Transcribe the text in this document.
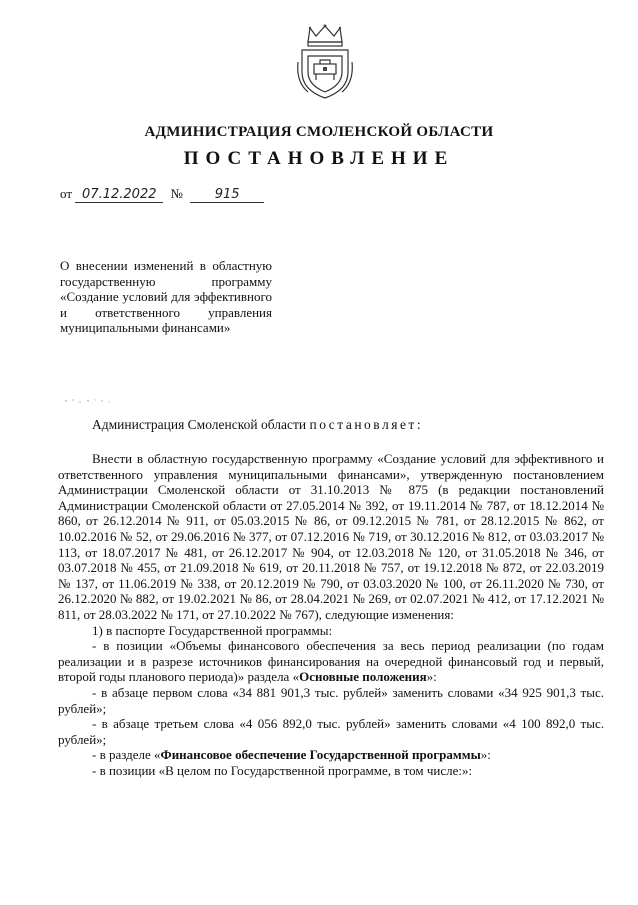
АДМИНИСТРАЦИЯ СМОЛЕНСКОЙ ОБЛАСТИ
ПОСТАНОВЛЕНИЕ
от 07.12.2022 № 915
О внесении изменений в областную государственную программу «Создание условий для эффективного и ответственного управления муниципальными финансами»
Администрация Смоленской области постановляет:

Внести в областную государственную программу «Создание условий для эффективного и ответственного управления муниципальными финансами», утвержденную постановлением Администрации Смоленской области от 31.10.2013 № 875 (в редакции постановлений Администрации Смоленской области от 27.05.2014 № 392, от 19.11.2014 № 787, от 18.12.2014 № 860, от 26.12.2014 № 911, от 05.03.2015 № 86, от 09.12.2015 № 781, от 28.12.2015 № 862, от 10.02.2016 № 52, от 29.06.2016 № 377, от 07.12.2016 № 719, от 30.12.2016 № 812, от 03.03.2017 № 113, от 18.07.2017 № 481, от 26.12.2017 № 904, от 12.03.2018 № 120, от 31.05.2018 № 346, от 03.07.2018 № 455, от 21.09.2018 № 619, от 20.11.2018 № 757, от 19.12.2018 № 872, от 22.03.2019 № 137, от 11.06.2019 № 338, от 20.12.2019 № 790, от 03.03.2020 № 100, от 26.11.2020 № 730, от 26.12.2020 № 882, от 19.02.2021 № 86, от 28.04.2021 № 269, от 02.07.2021 № 412, от 17.12.2021 № 811, от 28.03.2022 № 171, от 27.10.2022 № 767), следующие изменения:

1) в паспорте Государственной программы:

- в позиции «Объемы финансового обеспечения за весь период реализации (по годам реализации и в разрезе источников финансирования на очередной финансовый год и первый, второй годы планового периода)» раздела «Основные положения»:

- в абзаце первом слова «34 881 901,3 тыс. рублей» заменить словами «34 925 901,3 тыс. рублей»;

- в абзаце третьем слова «4 056 892,0 тыс. рублей» заменить словами «4 100 892,0 тыс. рублей»;

- в разделе «Финансовое обеспечение Государственной программы»:

- в позиции «В целом по Государственной программе, в том числе:»:
